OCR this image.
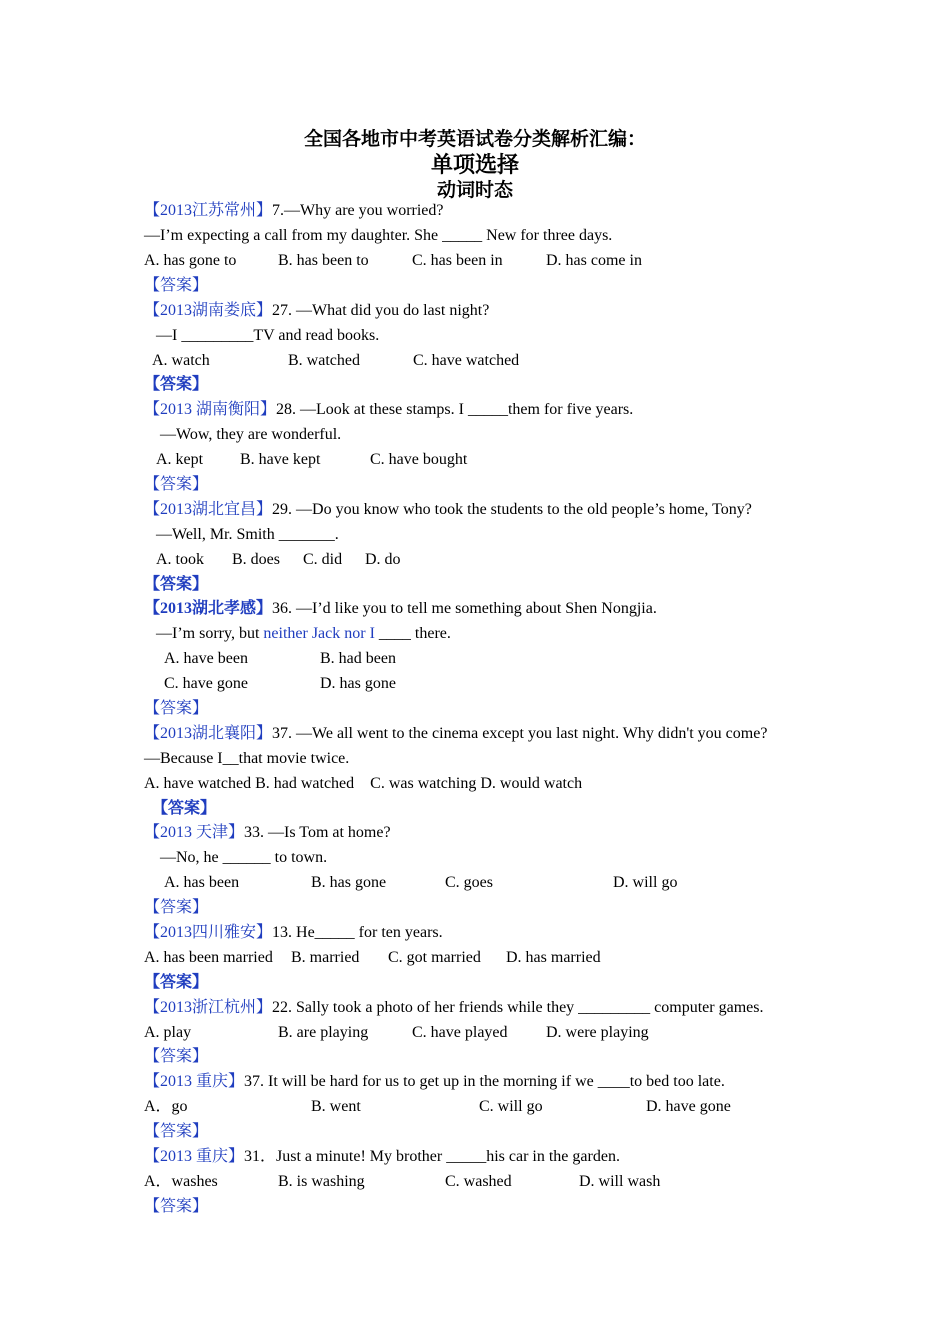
全国各地市中考英语试卷分类解析汇编：
单项选择
动词时态
【2013江苏常州】7.—Why are you worried?
—I’m expecting a call from my daughter. She _____ New for three days.
A. has gone to	B. has been to	C. has been in	D. has come in
【答案】
【2013湖南娄底】27. —What did you do last night?
—I _________TV and read books.
A. watch	B. watched	C. have watched
【答案】
【2013 湖南衡阳】28. —Look at these stamps. I _____them for five years.
—Wow, they are wonderful.
A. kept B. have kept	C. have bought
【答案】
【2013湖北宜昌】29. —Do you know who took the students to the old people’s home, Tony?
—Well, Mr. Smith _______.
A. took B. does C. did D. do
【答案】
【2013湖北孝感】36. —I’d like you to tell me something about Shen Nongjia.
—I’m sorry, but neither Jack nor I ____ there.
A. have been	B. had been
C. have gone	D. has gone
【答案】
【2013湖北襄阳】37. —We all went to the cinema except you last night. Why didn't you come?
—Because I__that movie twice.
A. have watched B. had watched    C. was watching D. would watch
【答案】
【2013 天津】33. —Is Tom at home?
—No, he ______ to town.
A. has been	B. has gone	C. goes	D. will go
【答案】
【2013四川雅安】13. He_____ for ten years.
A. has been married B. married C. got married D. has married
【答案】
【2013浙江杭州】22. Sally took a photo of her friends while they _________ computer games.
A. play	B. are playing	C. have played D. were playing
【答案】
【2013 重庆】37. It will be hard for us to get up in the morning if we ____to bed too late.
A．go	B. went	C. will go	D. have gone
【答案】
【2013 重庆】31．Just a minute! My brother _____his car in the garden.
A．washes	B. is washing	C. washed	D. will wash
【答案】
